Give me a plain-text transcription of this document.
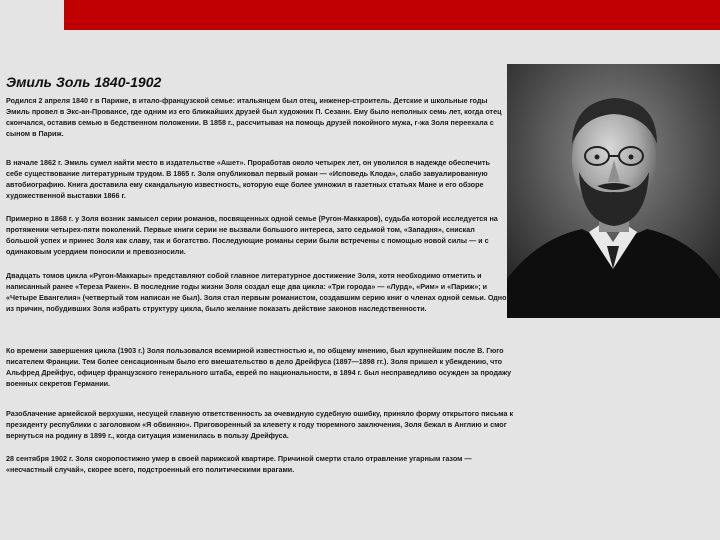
Эмиль Золь 1840-1902

Родился 2 апреля 1840 г в Париже, в итало-французской семье: итальянцем был отец, инженер-строитель. Детские и школьные годы Эмиль провел в Экс-ан-Провансе, где одним из его ближайших друзей был художник П. Сезанн. Ему было неполных семь лет, когда отец скончался, оставив семью в бедственном положении. В 1858 г., рассчитывая на помощь друзей покойного мужа, г-жа Золя переехала с сыном в Париж.

В начале 1862 г. Эмиль сумел найти место в издательстве «Ашет». Проработав около четырех лет, он уволился в надежде обеспечить себе существование литературным трудом. В 1865 г. Золя опубликовал первый роман — «Исповедь Клода», слабо завуалированную автобиографию. Книга доставила ему скандальную известность, которую еще более умножил в газетных статьях Мане и его обзоре художественной выставки 1866 г.

Примерно в 1868 г. у Золя возник замысел серии романов, посвященных одной семье (Ругон-Маккаров), судьба которой исследуется на протяжении четырех-пяти поколений. Первые книги серии не вызвали большого интереса, зато седьмой том, «Западня», снискал большой успех и принес Золя как славу, так и богатство. Последующие романы серии были встречены с помощью новой силы — и с одинаковым усердием поносили и превозносили.

Двадцать томов цикла «Ругон-Маккары» представляют собой главное литературное достижение Золя, хотя необходимо отметить и написанный ранее «Тереза Ракен». В последние годы жизни Золя создал еще два цикла: «Три города» — «Лурд», «Рим» и «Париж»; и «Четыре Евангелия» (четвертый том написан не был). Золя стал первым романистом, создавшим серию книг о членах одной семьи. Одной из причин, побудивших Золя избрать структуру цикла, было желание показать действие законов наследственности.

Ко времени завершения цикла (1903 г.) Золя пользовался всемирной известностью и, по общему мнению, был крупнейшим после В. Гюго писателем Франции. Тем более сенсационным было его вмешательство в дело Дрейфуса (1897—1898 гг.). Золя пришел к убеждению, что Альфред Дрейфус, офицер французского генерального штаба, еврей по национальности, в 1894 г. был несправедливо осужден за продажу военных секретов Германии.

Разоблачение армейской верхушки, несущей главную ответственность за очевидную судебную ошибку, приняло форму открытого письма к президенту республики с заголовком «Я обвиняю». Приговоренный за клевету к году тюремного заключения, Золя бежал в Англию и смог вернуться на родину в 1899 г., когда ситуация изменилась в пользу Дрейфуса.

28 сентября 1902 г. Золя скоропостижно умер в своей парижской квартире. Причиной смерти стало отравление угарным газом — «несчастный случай», скорее всего, подстроенный его политическими врагами.
